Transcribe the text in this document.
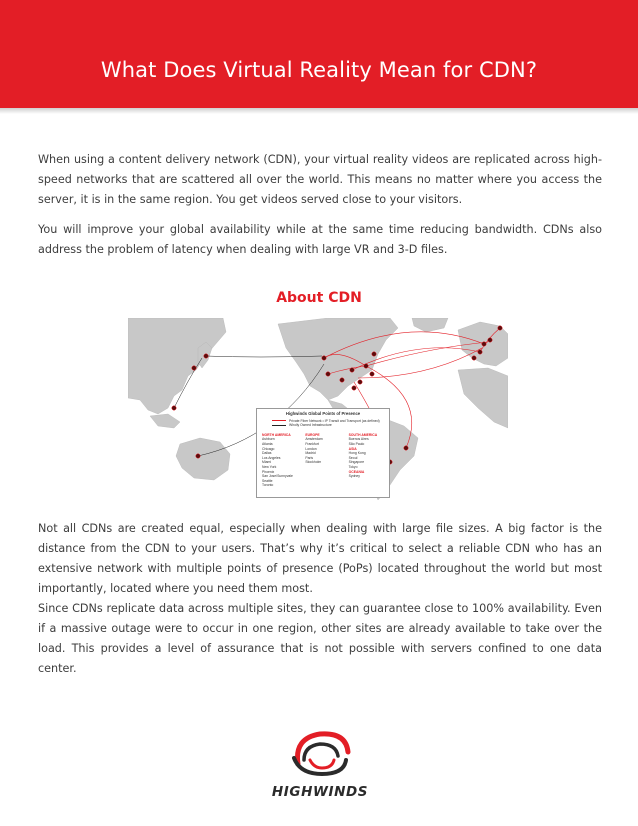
What Does Virtual Reality Mean for CDN?

When using a content delivery network (CDN), your virtual reality videos are replicated across high-speed networks that are scattered all over the world. This means no matter where you access the server, it is in the same region. You get videos served close to your visitors.

You will improve your global availability while at the same time reducing bandwidth. CDNs also address the problem of latency when dealing with large VR and 3-D files.

About CDN
Highwinds Global Points of Presence
Private Fiber Network • IP Transit and Transport (as defined)
Wholly Owned Infrastructure
NORTH AMERICA
Ashburn
Atlanta
Chicago
Dallas
Los Angeles
Miami
New York
Phoenix
San Jose/Sunnyvale
Seattle
Toronto
EUROPE
Amsterdam
Frankfurt
London
Madrid
Paris
Stockholm
SOUTH AMERICA
Buenos Aires
São Paulo
ASIA
Hong Kong
Seoul
Singapore
Tokyo
OCEANIA
Sydney

Not all CDNs are created equal, especially when dealing with large file sizes. A big factor is the distance from the CDN to your users. That’s why it’s critical to select a reliable CDN who has an extensive network with multiple points of presence (PoPs) located throughout the world but most importantly, located where you need them most.

Since CDNs replicate data across multiple sites, they can guarantee close to 100% availability. Even if a massive outage were to occur in one region, other sites are already available to take over the load. This provides a level of assurance that is not possible with servers confined to one data center.

HIGHWINDS
